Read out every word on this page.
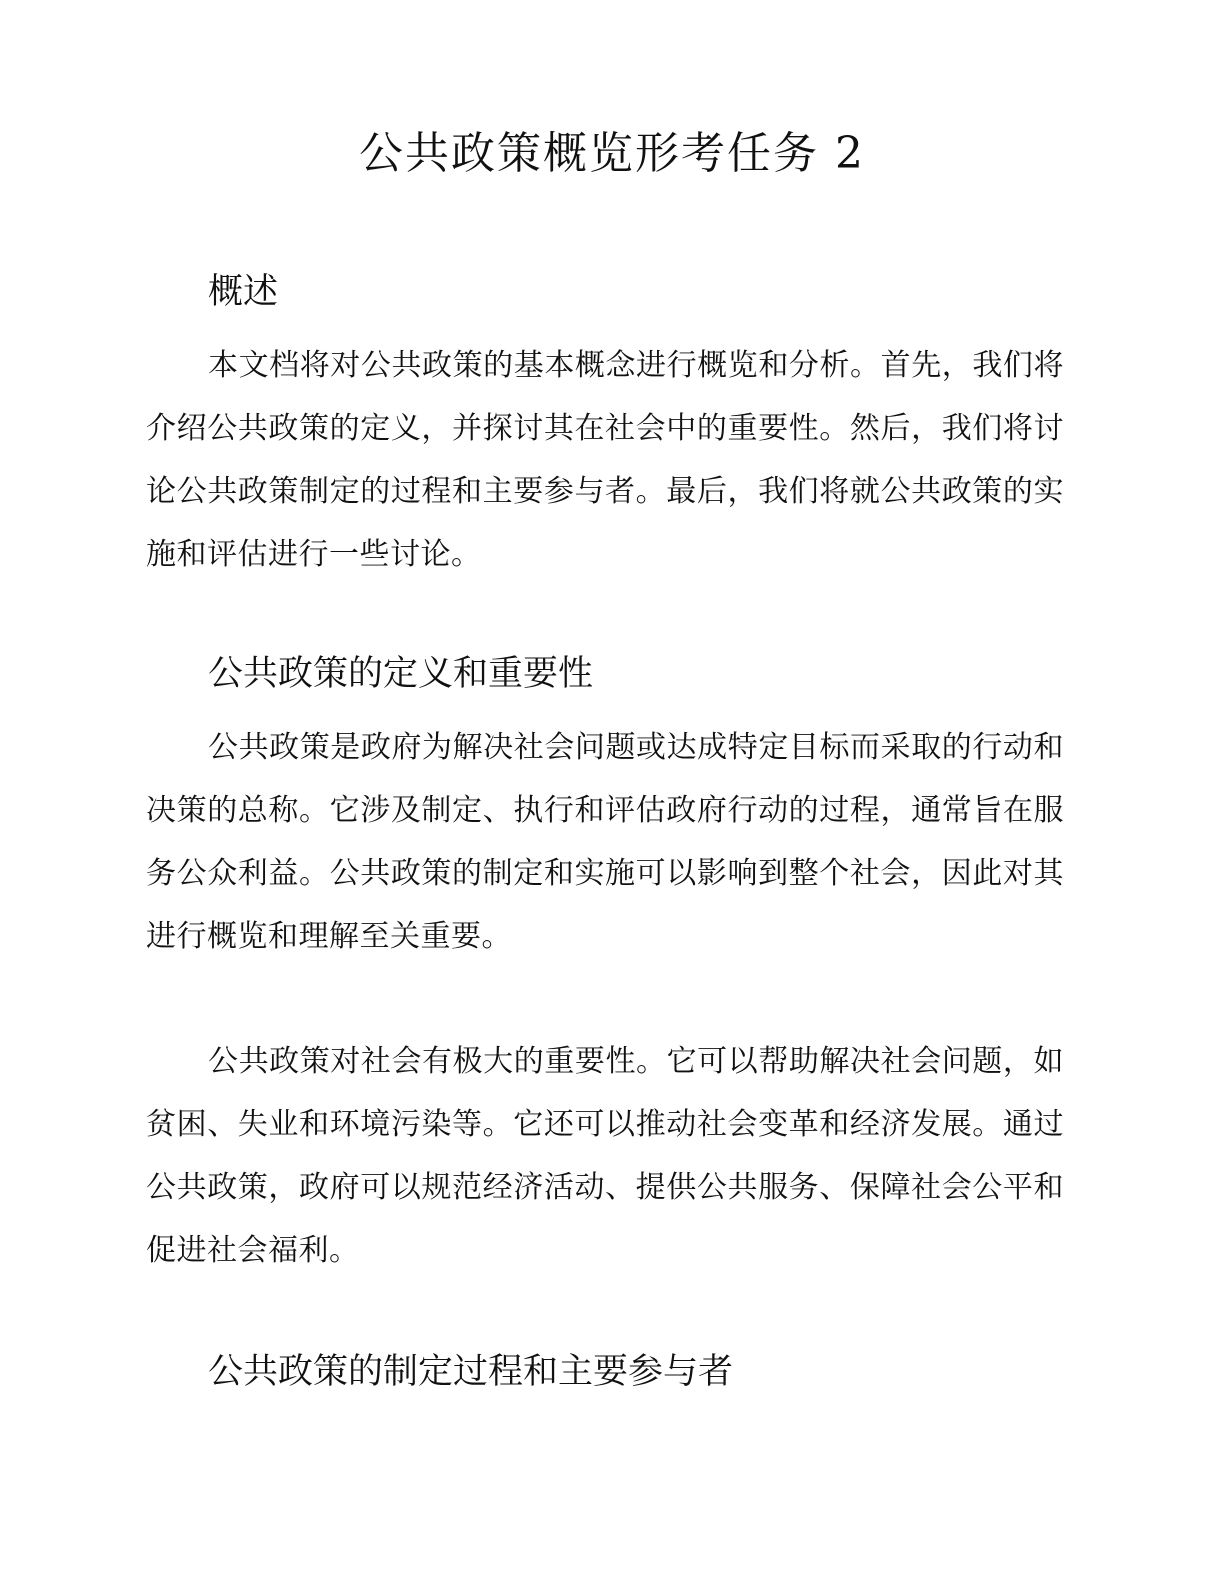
公共政策概览形考任务 2
概述

本文档将对公共政策的基本概念进行概览和分析。首先，我们将介绍公共政策的定义，并探讨其在社会中的重要性。然后，我们将讨论公共政策制定的过程和主要参与者。最后，我们将就公共政策的实施和评估进行一些讨论。

公共政策的定义和重要性

公共政策是政府为解决社会问题或达成特定目标而采取的行动和决策的总称。它涉及制定、执行和评估政府行动的过程，通常旨在服务公众利益。公共政策的制定和实施可以影响到整个社会，因此对其进行概览和理解至关重要。

公共政策对社会有极大的重要性。它可以帮助解决社会问题，如贫困、失业和环境污染等。它还可以推动社会变革和经济发展。通过公共政策，政府可以规范经济活动、提供公共服务、保障社会公平和促进社会福利。

公共政策的制定过程和主要参与者
